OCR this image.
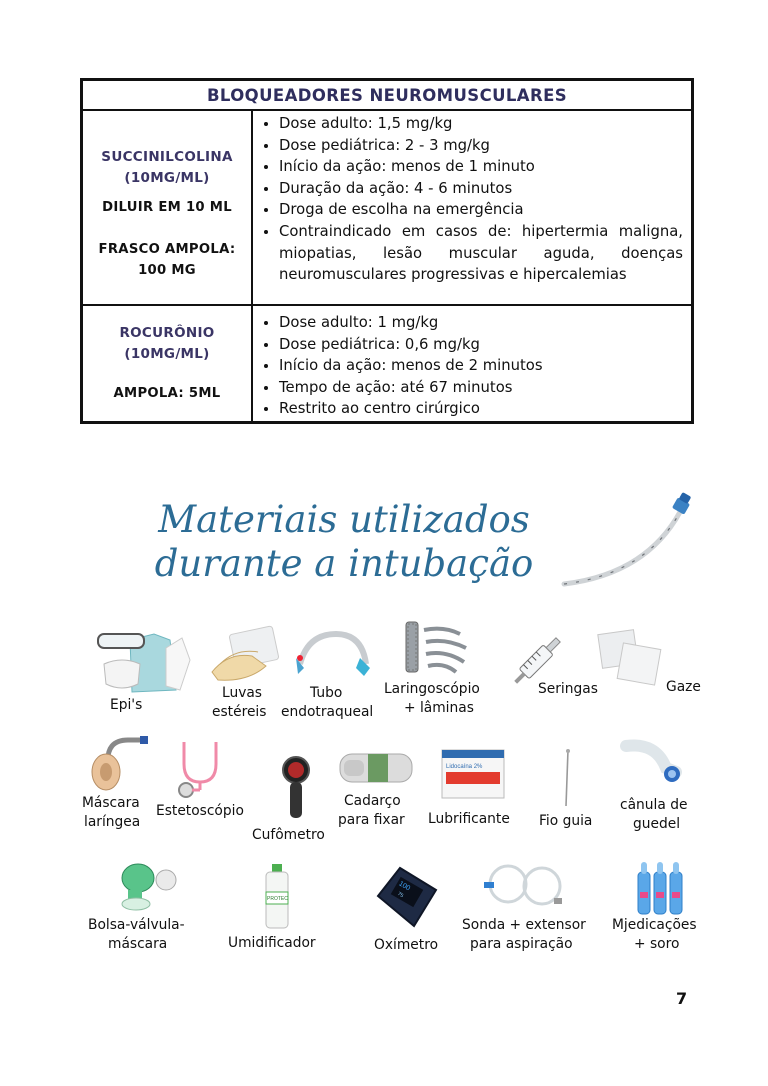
BLOQUEADORES NEUROMUSCULARES
SUCCINILCOLINA
(10MG/ML)
DILUIR EM 10 ML
FRASCO AMPOLA:
100 MG
• Dose adulto: 1,5 mg/kg
• Dose pediátrica: 2 - 3 mg/kg
• Início da ação: menos de 1 minuto
• Duração da ação: 4 - 6 minutos
• Droga de escolha na emergência
• Contraindicado em casos de: hipertermia maligna, miopatias, lesão muscular aguda, doenças neuromusculares progressivas e hipercalemias
ROCURÔNIO
(10MG/ML)
AMPOLA: 5ML
• Dose adulto: 1 mg/kg
• Dose pediátrica: 0,6 mg/kg
• Início da ação: menos de 2 minutos
• Tempo de ação: até 67 minutos
• Restrito ao centro cirúrgico
Materiais utilizados
durante a intubação
Epi's
Luvas
estéreis
Tubo
endotraqueal
Laringoscópio
+ lâminas
Seringas	Gaze
Máscara
laríngea
Estetoscópio
Cufômetro
Cadarço
para fixar
Lidocaína 2%
Lubrificante Fio guia
cânula de
guedel
Bolsa-válvula-
máscara
PROTEC
Umidificador
100
75
Oxímetro
Sonda + extensor
para aspiração
Mjedicações
+ soro
7
